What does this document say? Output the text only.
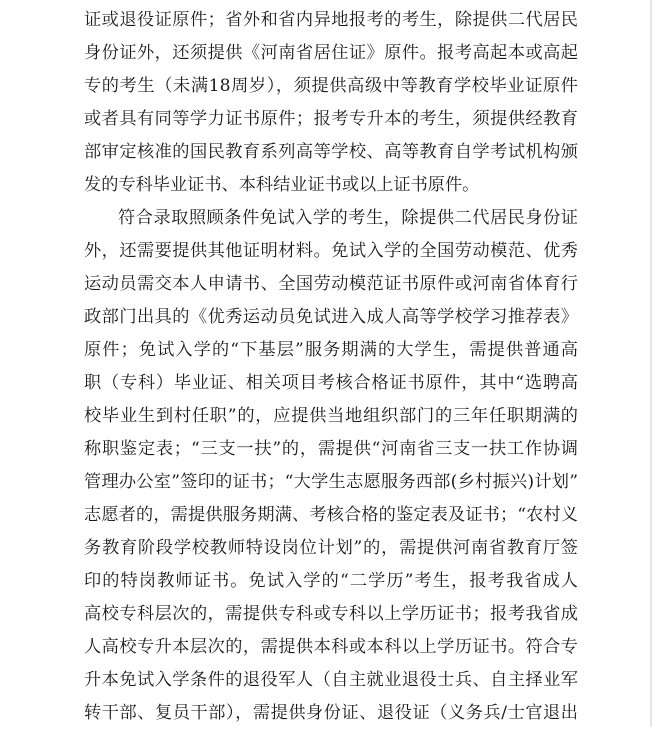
证或退役证原件；省外和省内异地报考的考生，除提供二代居民
身份证外，还须提供《河南省居住证》原件。报考高起本或高起
专的考生（未满18周岁），须提供高级中等教育学校毕业证原件
或者具有同等学力证书原件；报考专升本的考生，须提供经教育
部审定核准的国民教育系列高等学校、高等教育自学考试机构颁
发的专科毕业证书、本科结业证书或以上证书原件。
符合录取照顾条件免试入学的考生，除提供二代居民身份证
外，还需要提供其他证明材料。免试入学的全国劳动模范、优秀
运动员需交本人申请书、全国劳动模范证书原件或河南省体育行
政部门出具的《优秀运动员免试进入成人高等学校学习推荐表》
原件；免试入学的“下基层”服务期满的大学生，需提供普通高
职（专科）毕业证、相关项目考核合格证书原件，其中“选聘高
校毕业生到村任职”的，应提供当地组织部门的三年任职期满的
称职鉴定表；“三支一扶”的，需提供“河南省三支一扶工作协调
管理办公室”签印的证书；“大学生志愿服务西部(乡村振兴)计划”
志愿者的，需提供服务期满、考核合格的鉴定表及证书；“农村义
务教育阶段学校教师特设岗位计划”的，需提供河南省教育厅签
印的特岗教师证书。免试入学的“二学历”考生，报考我省成人
高校专科层次的，需提供专科或专科以上学历证书；报考我省成
人高校专升本层次的，需提供本科或本科以上学历证书。符合专
升本免试入学条件的退役军人（自主就业退役士兵、自主择业军
转干部、复员干部），需提供身份证、退役证（义务兵/士官退出
